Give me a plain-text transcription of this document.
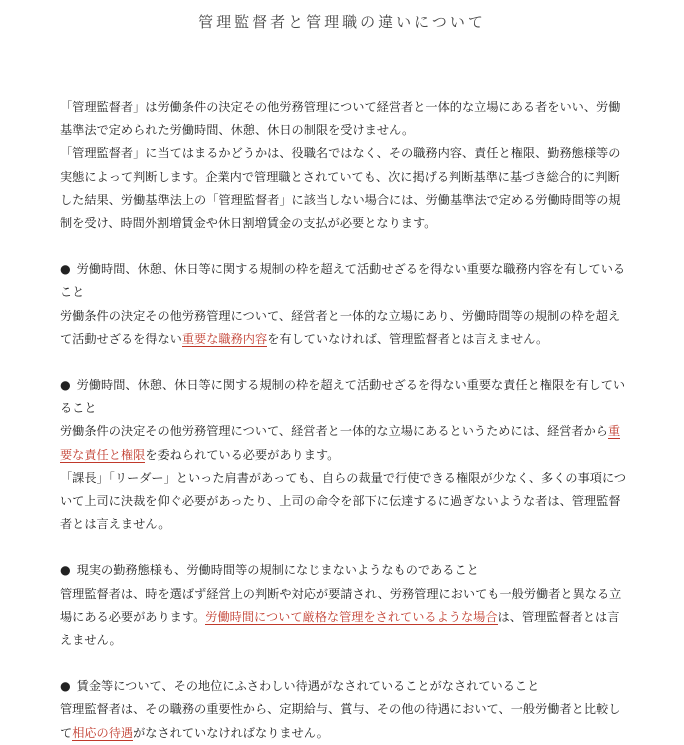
管理監督者と管理職の違いについて

「管理監督者」は労働条件の決定その他労務管理について経営者と一体的な立場にある者をいい、労働基準法で定められた労働時間、休憩、休日の制限を受けません。

「管理監督者」に当てはまるかどうかは、役職名ではなく、その職務内容、責任と権限、勤務態様等の実態によって判断します。企業内で管理職とされていても、次に掲げる判断基準に基づき総合的に判断した結果、労働基準法上の「管理監督者」に該当しない場合には、労働基準法で定める労働時間等の規制を受け、時間外割増賃金や休日割増賃金の支払が必要となります。

● 労働時間、休憩、休日等に関する規制の枠を超えて活動せざるを得ない重要な職務内容を有していること

労働条件の決定その他労務管理について、経営者と一体的な立場にあり、労働時間等の規制の枠を超えて活動せざるを得ない重要な職務内容を有していなければ、管理監督者とは言えません。

● 労働時間、休憩、休日等に関する規制の枠を超えて活動せざるを得ない重要な責任と権限を有していること

労働条件の決定その他労務管理について、経営者と一体的な立場にあるというためには、経営者から重要な責任と権限を委ねられている必要があります。

「課長」「リーダー」といった肩書があっても、自らの裁量で行使できる権限が少なく、多くの事項について上司に決裁を仰ぐ必要があったり、上司の命令を部下に伝達するに過ぎないような者は、管理監督者とは言えません。

● 現実の勤務態様も、労働時間等の規制になじまないようなものであること

管理監督者は、時を選ばず経営上の判断や対応が要請され、労務管理においても一般労働者と異なる立場にある必要があります。労働時間について厳格な管理をされているような場合は、管理監督者とは言えません。

● 賃金等について、その地位にふさわしい待遇がなされていることがなされていること

管理監督者は、その職務の重要性から、定期給与、賞与、その他の待遇において、一般労働者と比較して相応の待遇がなされていなければなりません。
